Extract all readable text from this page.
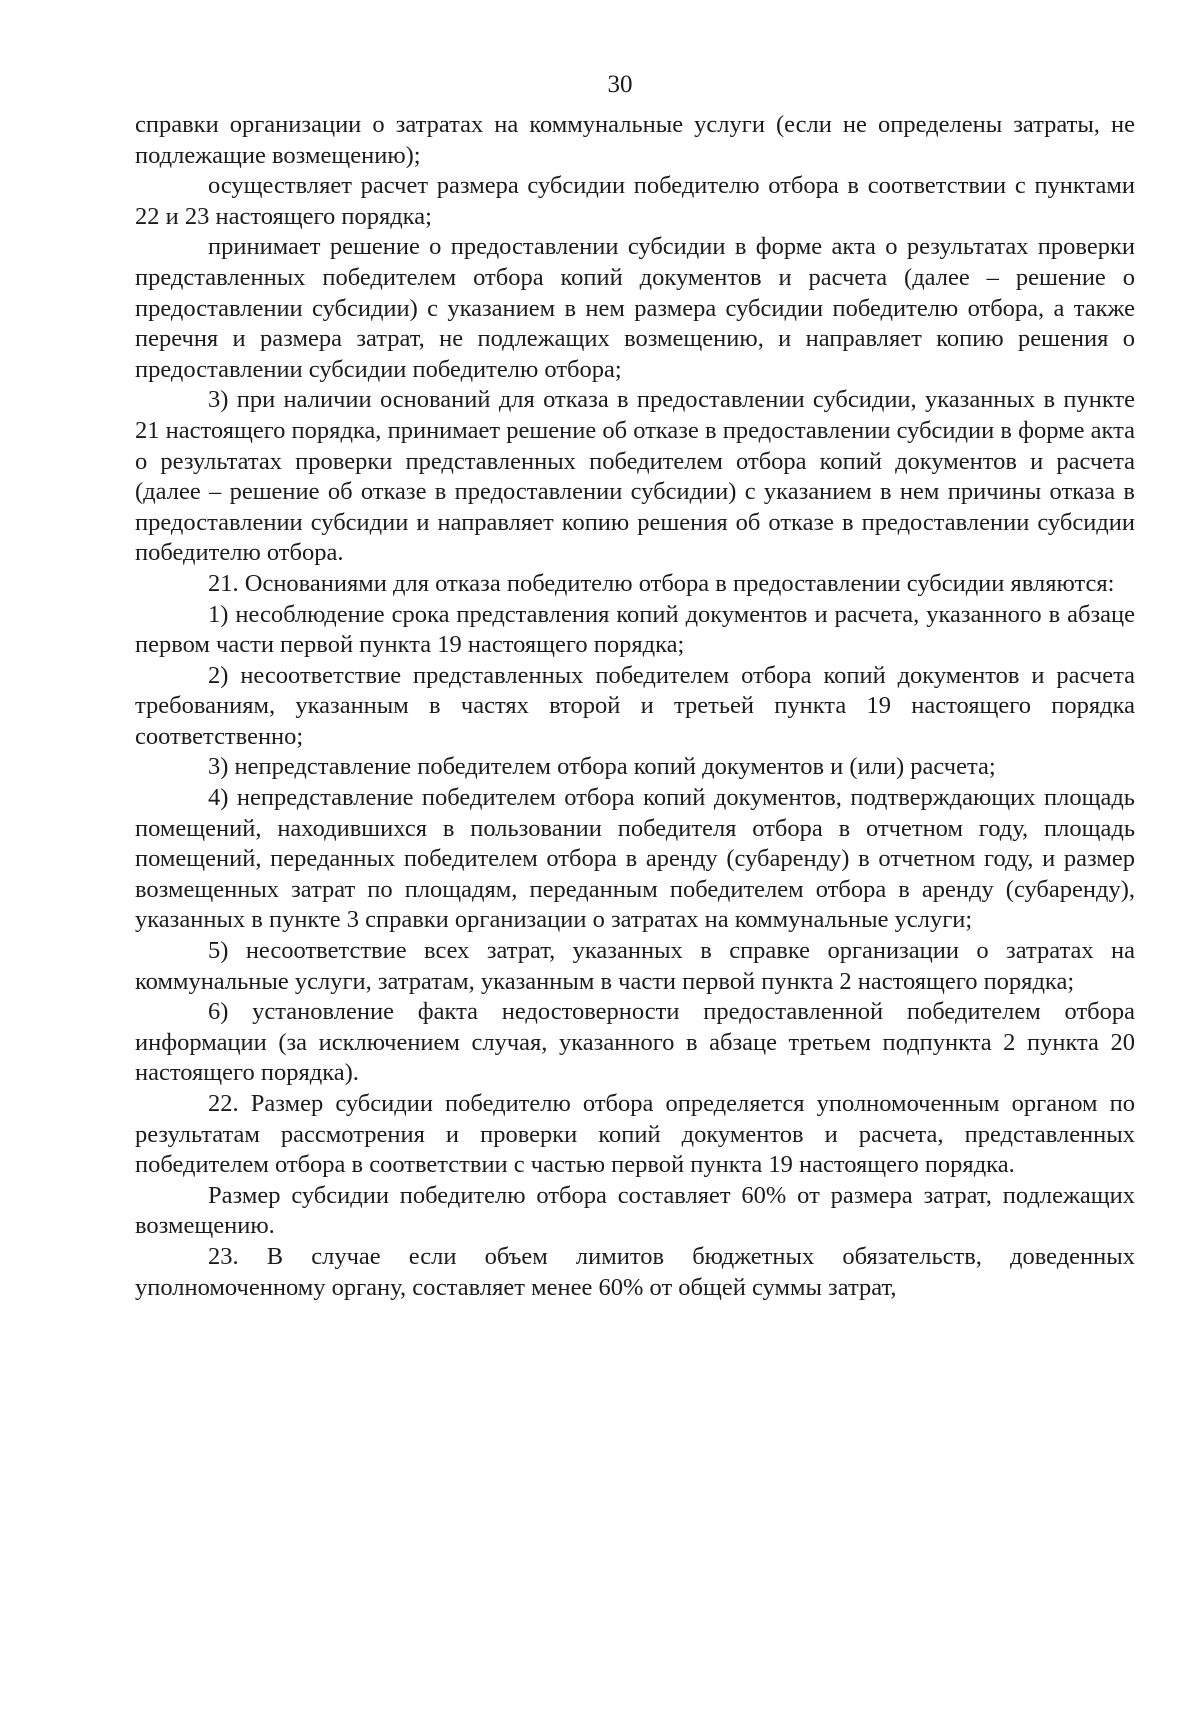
30

справки организации о затратах на коммунальные услуги (если не определены затраты, не подлежащие возмещению);

осуществляет расчет размера субсидии победителю отбора в соответствии с пунктами 22 и 23 настоящего порядка;

принимает решение о предоставлении субсидии в форме акта о результатах проверки представленных победителем отбора копий документов и расчета (далее – решение о предоставлении субсидии) с указанием в нем размера субсидии победителю отбора, а также перечня и размера затрат, не подлежащих возмещению, и направляет копию решения о предоставлении субсидии победителю отбора;

3) при наличии оснований для отказа в предоставлении субсидии, указанных в пункте 21 настоящего порядка, принимает решение об отказе в предоставлении субсидии в форме акта о результатах проверки представленных победителем отбора копий документов и расчета (далее – решение об отказе в предоставлении субсидии) с указанием в нем причины отказа в предоставлении субсидии и направляет копию решения об отказе в предоставлении субсидии победителю отбора.

21. Основаниями для отказа победителю отбора в предоставлении субсидии являются:

1) несоблюдение срока представления копий документов и расчета, указанного в абзаце первом части первой пункта 19 настоящего порядка;

2) несоответствие представленных победителем отбора копий документов и расчета требованиям, указанным в частях второй и третьей пункта 19 настоящего порядка соответственно;

3) непредставление победителем отбора копий документов и (или) расчета;

4) непредставление победителем отбора копий документов, подтверждающих площадь помещений, находившихся в пользовании победителя отбора в отчетном году, площадь помещений, переданных победителем отбора в аренду (субаренду) в отчетном году, и размер возмещенных затрат по площадям, переданным победителем отбора в аренду (субаренду), указанных в пункте 3 справки организации о затратах на коммунальные услуги;

5) несоответствие всех затрат, указанных в справке организации о затратах на коммунальные услуги, затратам, указанным в части первой пункта 2 настоящего порядка;

6) установление факта недостоверности предоставленной победителем отбора информации (за исключением случая, указанного в абзаце третьем подпункта 2 пункта 20 настоящего порядка).

22. Размер субсидии победителю отбора определяется уполномоченным органом по результатам рассмотрения и проверки копий документов и расчета, представленных победителем отбора в соответствии с частью первой пункта 19 настоящего порядка.

Размер субсидии победителю отбора составляет 60% от размера затрат, подлежащих возмещению.

23. В случае если объем лимитов бюджетных обязательств, доведенных уполномоченному органу, составляет менее 60% от общей суммы затрат,
